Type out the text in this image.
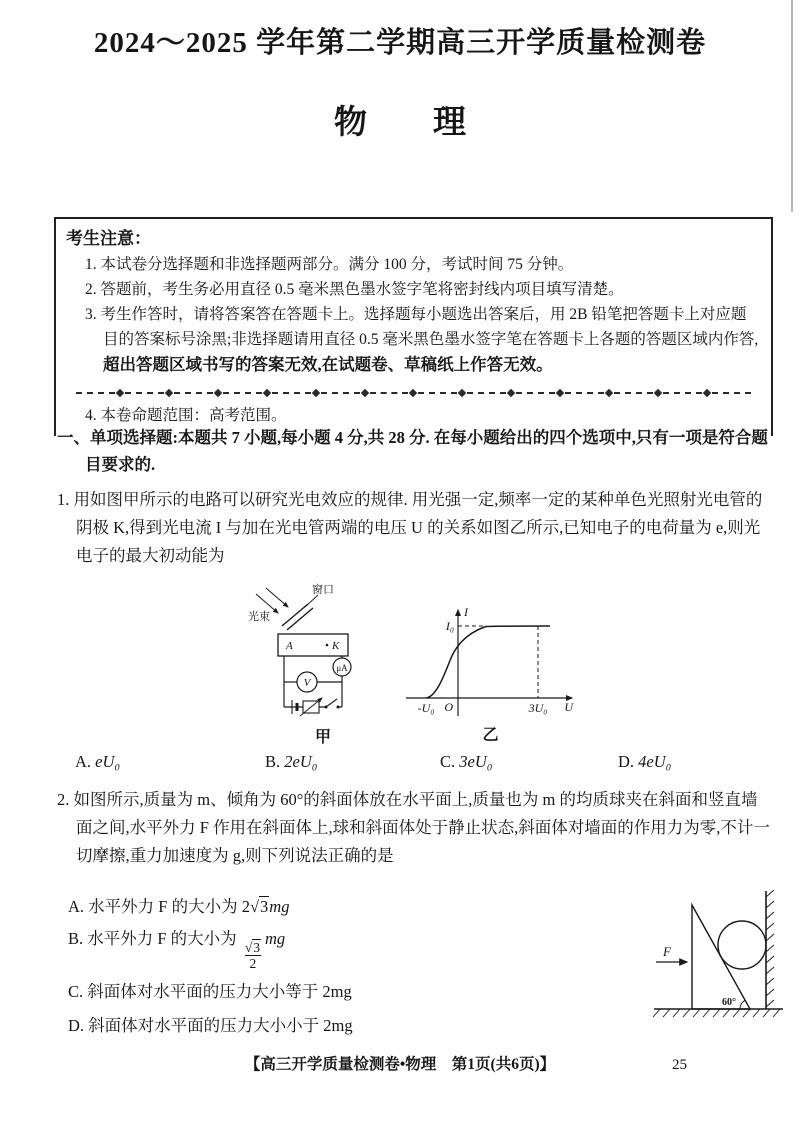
2024～2025 学年第二学期高三开学质量检测卷
物　　理
考生注意：

1. 本试卷分选择题和非选择题两部分。满分 100 分，考试时间 75 分钟。

2. 答题前，考生务必用直径 0.5 毫米黑色墨水签字笔将密封线内项目填写清楚。

3. 考生作答时，请将答案答在答题卡上。选择题每小题选出答案后，用 2B 铅笔把答题卡上对应题目的答案标号涂黑;非选择题请用直径 0.5 毫米黑色墨水签字笔在答题卡上各题的答题区域内作答,超出答题区域书写的答案无效,在试题卷、草稿纸上作答无效。

4. 本卷命题范围：高考范围。

一、单项选择题:本题共 7 小题,每小题 4 分,共 28 分. 在每小题给出的四个选项中,只有一项是符合题目要求的.

1. 用如图甲所示的电路可以研究光电效应的规律. 用光强一定,频率一定的某种单色光照射光电管的阴极 K,得到光电流 I 与加在光电管两端的电压 U 的关系如图乙所示,已知电子的电荷量为 e,则光电子的最大初动能为

窗口
光束
A	K
μA
V
甲
I
U
O
I₀
-U₀	3U₀
乙
A. eU₀	B. 2eU₀	C. 3eU₀	D. 4eU₀

2. 如图所示,质量为 m、倾角为 60°的斜面体放在水平面上,质量也为 m 的均质球夹在斜面和竖直墙面之间,水平外力 F 作用在斜面体上,球和斜面体处于静止状态,斜面体对墙面的作用力为零,不计一切摩擦,重力加速度为 g,则下列说法正确的是

A. 水平外力 F 的大小为 2√3mg

B. 水平外力 F 的大小为
$\frac{√3}{2}$
mg

C. 斜面体对水平面的压力大小等于 2mg

D. 斜面体对水平面的压力大小小于 2mg

F
60°
【高三开学质量检测卷•物理　第1页(共6页)】	25
